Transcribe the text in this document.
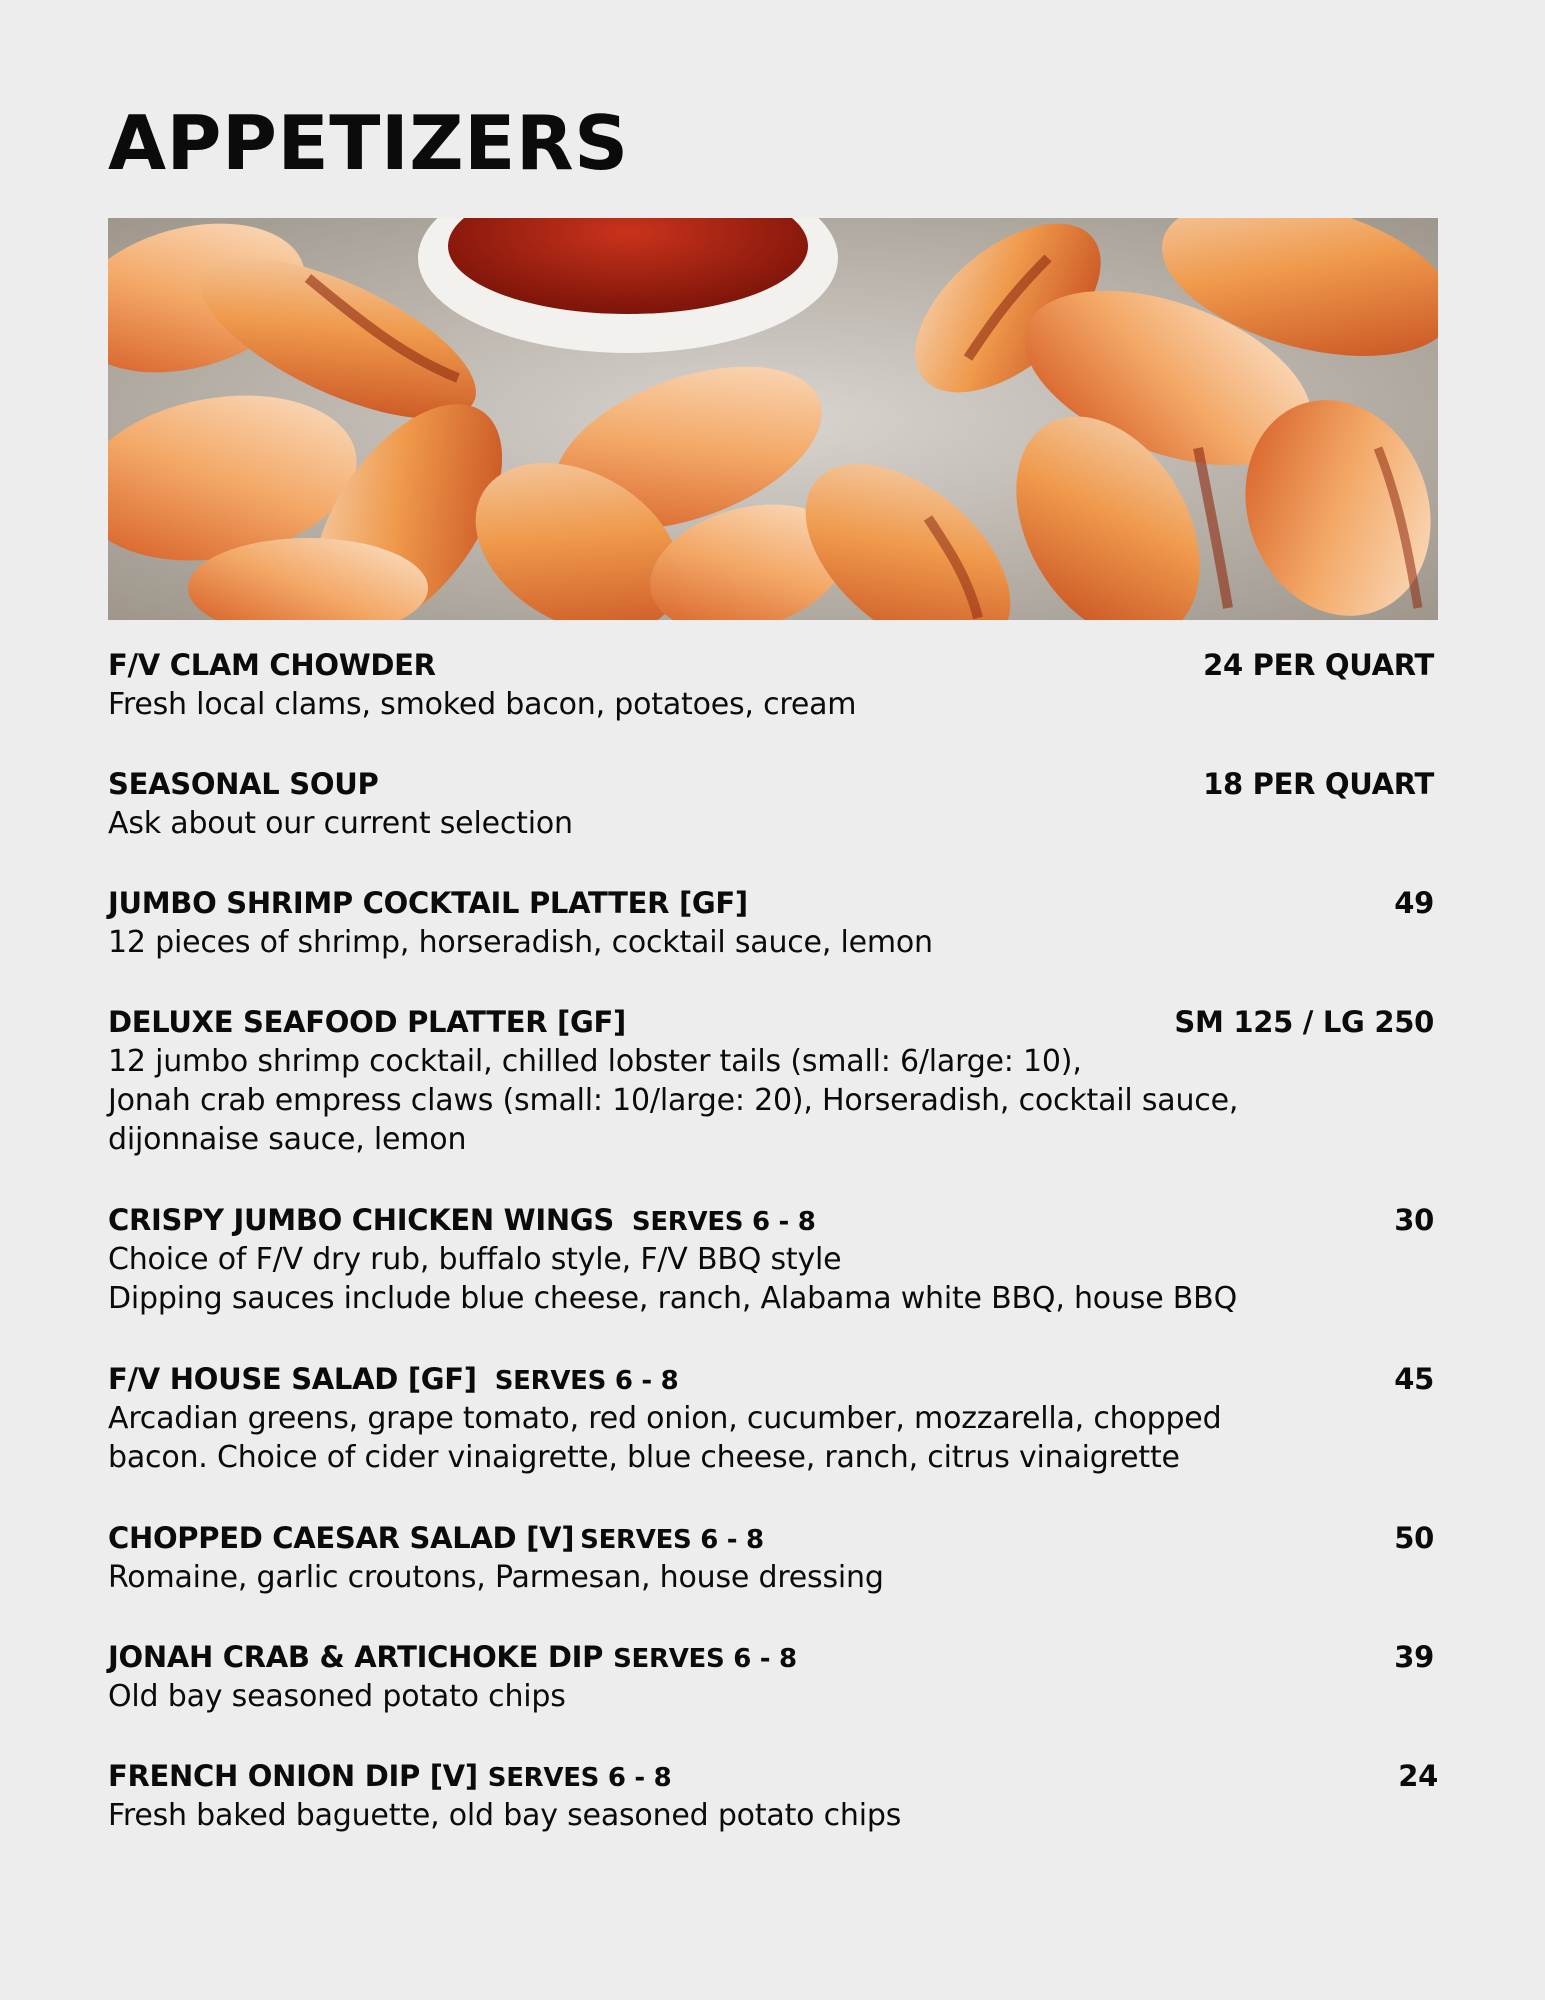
APPETIZERS
F/V CLAM CHOWDER	24 PER QUART
Fresh local clams, smoked bacon, potatoes, cream
SEASONAL SOUP	18 PER QUART
Ask about our current selection
JUMBO SHRIMP COCKTAIL PLATTER [GF]	49
12 pieces of shrimp, horseradish, cocktail sauce, lemon
DELUXE SEAFOOD PLATTER [GF]	SM 125 / LG 250
12 jumbo shrimp cocktail, chilled lobster tails (small: 6/large: 10),
Jonah crab empress claws (small: 10/large: 20), Horseradish, cocktail sauce,
dijonnaise sauce, lemon
CRISPY JUMBO CHICKEN WINGS SERVES 6 - 8	30
Choice of F/V dry rub, buffalo style, F/V BBQ style
Dipping sauces include blue cheese, ranch, Alabama white BBQ, house BBQ
F/V HOUSE SALAD [GF] SERVES 6 - 8	45
Arcadian greens, grape tomato, red onion, cucumber, mozzarella, chopped
bacon. Choice of cider vinaigrette, blue cheese, ranch, citrus vinaigrette
CHOPPED CAESAR SALAD [V] SERVES 6 - 8	50
Romaine, garlic croutons, Parmesan, house dressing
JONAH CRAB & ARTICHOKE DIP SERVES 6 - 8	39
Old bay seasoned potato chips
FRENCH ONION DIP [V] SERVES 6 - 8	24
Fresh baked baguette, old bay seasoned potato chips
